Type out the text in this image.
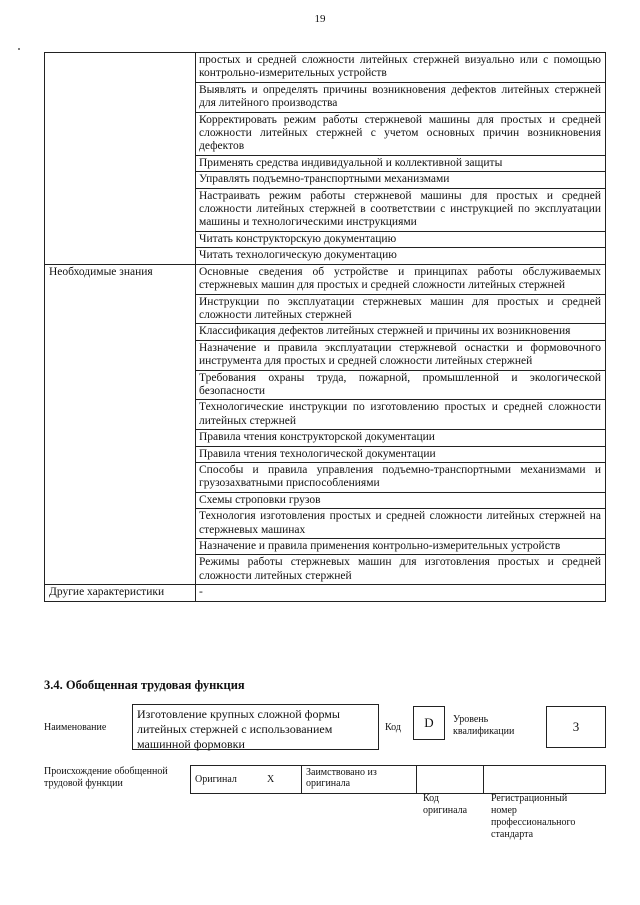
19
	простых и средней сложности литейных стержней визуально или с помощью контрольно-измерительных устройств
	Выявлять и определять причины возникновения дефектов литейных стержней для литейного производства
	Корректировать режим работы стержневой машины для простых и средней сложности литейных стержней с учетом основных причин возникновения дефектов
	Применять средства индивидуальной и коллективной защиты
	Управлять подъемно-транспортными механизмами
	Настраивать режим работы стержневой машины для простых и средней сложности литейных стержней в соответствии с инструкцией по эксплуатации машины и технологическими инструкциями
	Читать конструкторскую документацию
	Читать технологическую документацию
Необходимые знания	Основные сведения об устройстве и принципах работы обслуживаемых стержневых машин для простых и средней сложности литейных стержней
	Инструкции по эксплуатации стержневых машин для простых и средней сложности литейных стержней
	Классификация дефектов литейных стержней и причины их возникновения
	Назначение и правила эксплуатации стержневой оснастки и формовочного инструмента для простых и средней сложности литейных стержней
	Требования охраны труда, пожарной, промышленной и экологической безопасности
	Технологические инструкции по изготовлению простых и средней сложности литейных стержней
	Правила чтения конструкторской документации
	Правила чтения технологической документации
	Способы и правила управления подъемно-транспортными механизмами и грузозахватными приспособлениями
	Схемы строповки грузов
	Технология изготовления простых и средней сложности литейных стержней на стержневых машинах
	Назначение и правила применения контрольно-измерительных устройств
	Режимы работы стержневых машин для изготовления простых и средней сложности литейных стержней
Другие характеристики	-
3.4. Обобщенная трудовая функция
Наименование
Изготовление крупных сложной формы литейных стержней с использованием машинной формовки
Код	D	Уровень квалификации	3
Происхождение обобщенной трудовой функции	Оригинал	X	Заимствовано из оригинала		
Код оригинала
Регистрационный номер профессионального стандарта
